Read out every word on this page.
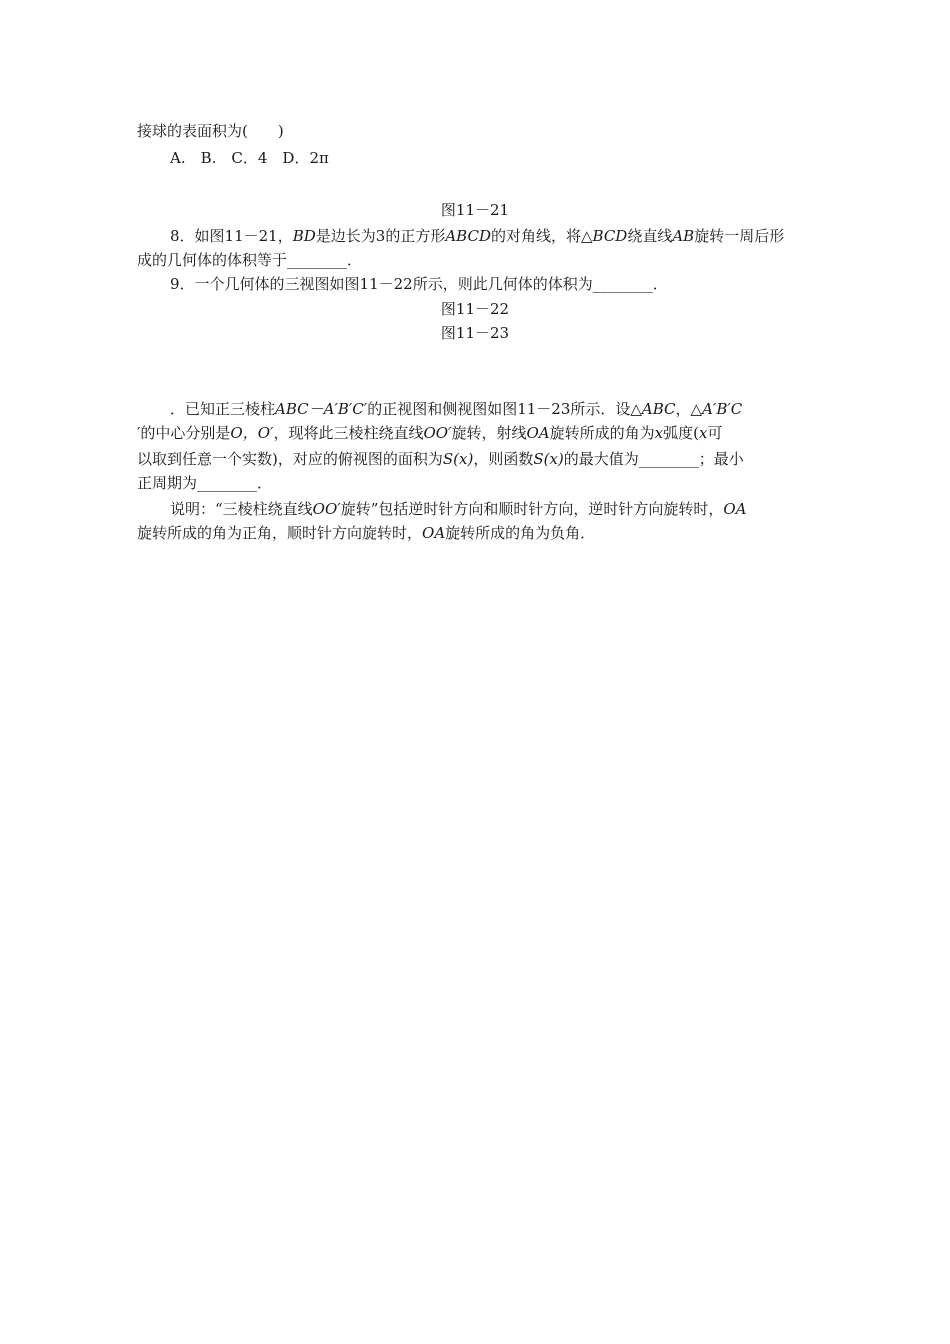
接球的表面积为(　　)
A.　B.　C．4　D．2π
图11－21
8．如图11－21，BD是边长为3的正方形ABCD的对角线，将△BCD绕直线AB旋转一周后形
成的几何体的体积等于________．
9．一个几何体的三视图如图11－22所示，则此几何体的体积为________．
图11－22
图11－23
．已知正三棱柱ABC－A′B′C′的正视图和侧视图如图11－23所示．设△ABC，△A′B′C
′的中心分别是O，O′，现将此三棱柱绕直线OO′旋转，射线OA旋转所成的角为x弧度(x可
以取到任意一个实数)，对应的俯视图的面积为S(x)，则函数S(x)的最大值为________；最小
正周期为________．
说明：“三棱柱绕直线OO′旋转”包括逆时针方向和顺时针方向，逆时针方向旋转时，OA
旋转所成的角为正角，顺时针方向旋转时，OA旋转所成的角为负角．
